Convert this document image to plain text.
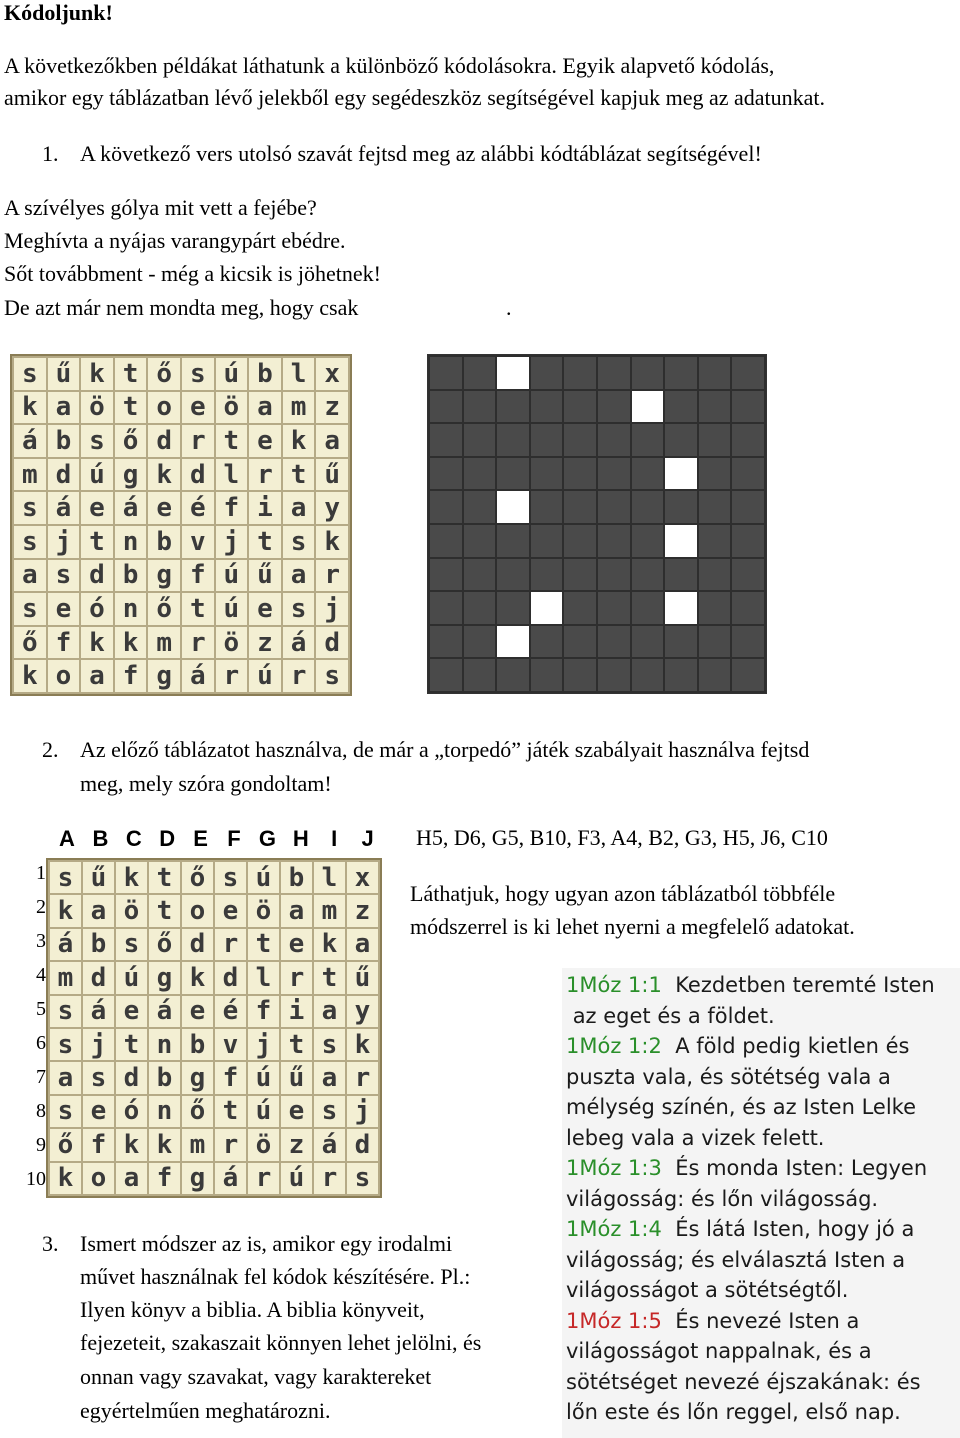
Kódoljunk!
A következőkben példákat láthatunk a különböző kódolásokra. Egyik alapvető kódolás,
amikor egy táblázatban lévő jelekből egy segédeszköz segítségével kapjuk meg az adatunkat.
1. A következő vers utolsó szavát fejtsd meg az alábbi kódtáblázat segítségével!
A szívélyes gólya mit vett a fejébe?
Meghívta a nyájas varangypárt ebédre.
Sőt továbbment - még a kicsik is jöhetnek!
De azt már nem mondta meg, hogy csak	.
s	ű	k	t	ő	s	ú	b	l	x
k	a	ö	t	o	e	ö	a	m	z
á	b	s	ő	d	r	t	e	k	a
m	d	ú	g	k	d	l	r	t	ű
s	á	e	á	e	é	f	i	a	y
s	j	t	n	b	v	j	t	s	k
a	s	d	b	g	f	ú	ű	a	r
s	e	ó	n	ő	t	ú	e	s	j
ő	f	k	k	m	r	ö	z	á	d
k	o	a	f	g	á	r	ú	r	s

2. Az előző táblázatot használva, de már a „torpedó” játék szabályait használva fejtsd
meg, mely szóra gondoltam!
A B C D E F G H	I	J
1
2
3
4
5
6
7
8
9
10
s	ű	k	t	ő	s	ú	b	l	x
k	a	ö	t	o	e	ö	a	m	z
á	b	s	ő	d	r	t	e	k	a
m	d	ú	g	k	d	l	r	t	ű
s	á	e	á	e	é	f	i	a	y
s	j	t	n	b	v	j	t	s	k
a	s	d	b	g	f	ú	ű	a	r
s	e	ó	n	ő	t	ú	e	s	j
ő	f	k	k	m	r	ö	z	á	d
k	o	a	f	g	á	r	ú	r	s
H5, D6, G5, B10, F3, A4, B2, G3, H5, J6, C10
Láthatjuk, hogy ugyan azon táblázatból többféle
módszerrel is ki lehet nyerni a megfelelő adatokat.
3. Ismert módszer az is, amikor egy irodalmi
művet használnak fel kódok készítésére. Pl.:
Ilyen könyv a biblia. A biblia könyveit,
fejezeteit, szakaszait könnyen lehet jelölni, és
onnan vagy szavakat, vagy karaktereket
egyértelműen meghatározni.
1Móz 1:1 Kezdetben teremté Isten
az eget és a földet.
1Móz 1:2 A föld pedig kietlen és
puszta vala, és sötétség vala a
mélység színén, és az Isten Lelke
lebeg vala a vizek felett.
1Móz 1:3 És monda Isten: Legyen
világosság: és lőn világosság.
1Móz 1:4 És látá Isten, hogy jó a
világosság; és elválasztá Isten a
világosságot a sötétségtől.
1Móz 1:5 És nevezé Isten a
világosságot nappalnak, és a
sötétséget nevezé éjszakának: és
lőn este és lőn reggel, első nap.
